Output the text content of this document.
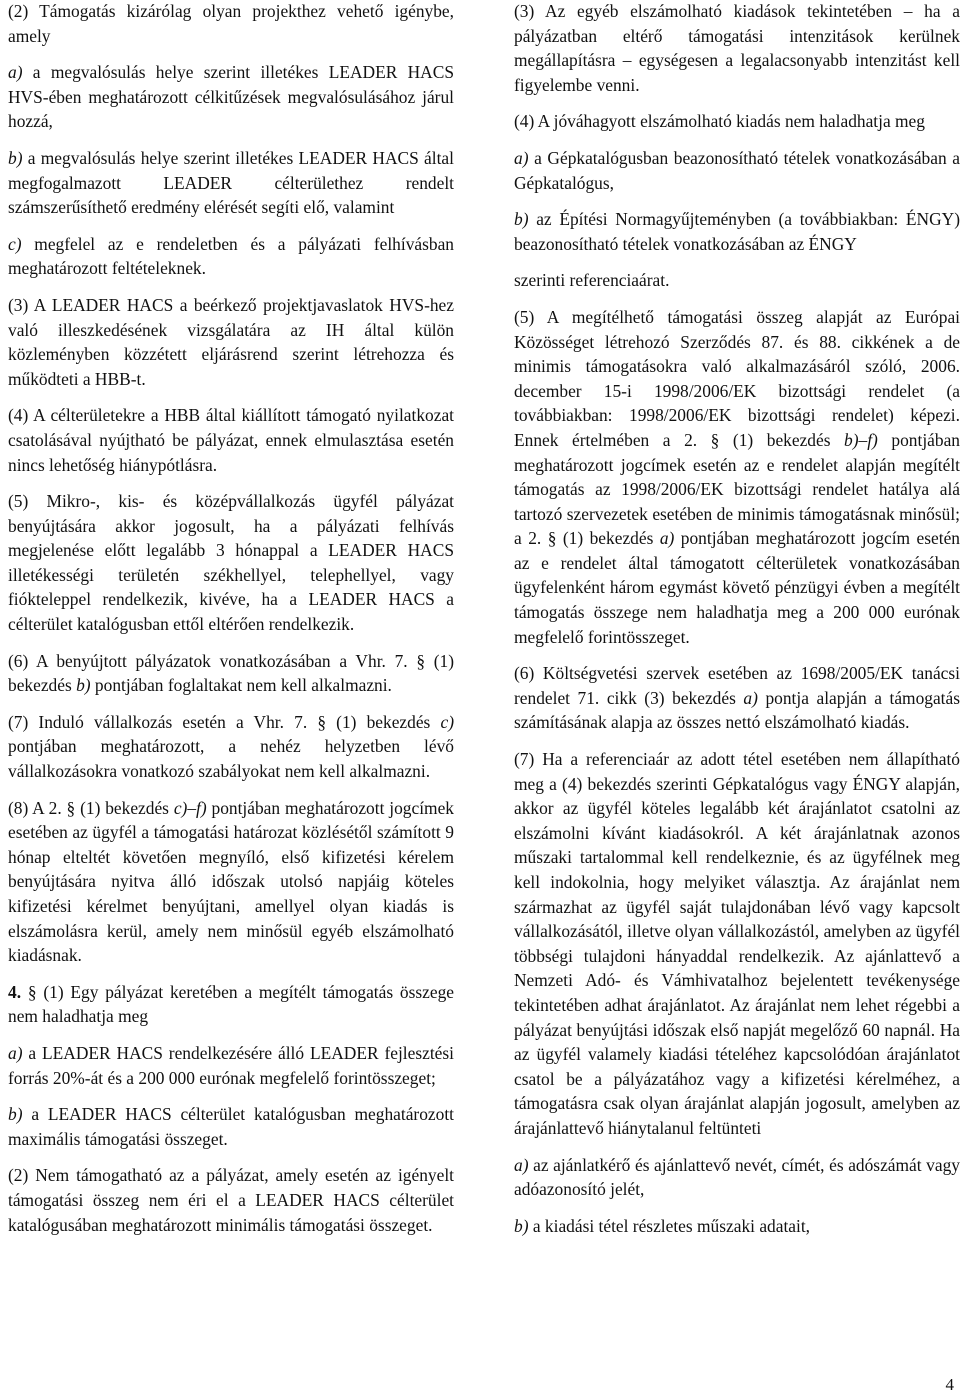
(2) Támogatás kizárólag olyan projekthez vehető igénybe, amely

a) a megvalósulás helye szerint illetékes LEADER HACS HVS-ében meghatározott célkitűzések megvalósulásához járul hozzá,

b) a megvalósulás helye szerint illetékes LEADER HACS által megfogalmazott LEADER célterülethez rendelt számszerűsíthető eredmény elérését segíti elő, valamint

c) megfelel az e rendeletben és a pályázati felhívásban meghatározott feltételeknek.

(3) A LEADER HACS a beérkező projektjavaslatok HVS-hez való illeszkedésének vizsgálatára az IH által külön közleményben közzétett eljárásrend szerint létrehozza és működteti a HBB-t.

(4) A célterületekre a HBB által kiállított támogató nyilatkozat csatolásával nyújtható be pályázat, ennek elmulasztása esetén nincs lehetőség hiánypótlásra.

(5) Mikro-, kis- és középvállalkozás ügyfél pályázat benyújtására akkor jogosult, ha a pályázati felhívás megjelenése előtt legalább 3 hónappal a LEADER HACS illetékességi területén székhellyel, telephellyel, vagy fiókteleppel rendelkezik, kivéve, ha a LEADER HACS a célterület katalógusban ettől eltérően rendelkezik.

(6) A benyújtott pályázatok vonatkozásában a Vhr. 7. § (1) bekezdés b) pontjában foglaltakat nem kell alkalmazni.

(7) Induló vállalkozás esetén a Vhr. 7. § (1) bekezdés c) pontjában meghatározott, a nehéz helyzetben lévő vállalkozásokra vonatkozó szabályokat nem kell alkalmazni.

(8) A 2. § (1) bekezdés c)–f) pontjában meghatározott jogcímek esetében az ügyfél a támogatási határozat közlésétől számított 9 hónap elteltét követően megnyíló, első kifizetési kérelem benyújtására nyitva álló időszak utolsó napjáig köteles kifizetési kérelmet benyújtani, amellyel olyan kiadás is elszámolásra kerül, amely nem minősül egyéb elszámolható kiadásnak.

4. § (1) Egy pályázat keretében a megítélt támogatás összege nem haladhatja meg

a) a LEADER HACS rendelkezésére álló LEADER fejlesztési forrás 20%-át és a 200 000 eurónak megfelelő forintösszeget;

b) a LEADER HACS célterület katalógusban meghatározott maximális támogatási összeget.

(2) Nem támogatható az a pályázat, amely esetén az igényelt támogatási összeg nem éri el a LEADER HACS célterület katalógusában meghatározott minimális támogatási összeget.

(3) Az egyéb elszámolható kiadások tekintetében – ha a pályázatban eltérő támogatási intenzitások kerülnek megállapításra – egységesen a legalacsonyabb intenzitást kell figyelembe venni.

(4) A jóváhagyott elszámolható kiadás nem haladhatja meg

a) a Gépkatalógusban beazonosítható tételek vonatkozásában a Gépkatalógus,

b) az Építési Normagyűjteményben (a továbbiakban: ÉNGY) beazonosítható tételek vonatkozásában az ÉNGY

szerinti referenciaárat.

(5) A megítélhető támogatási összeg alapját az Európai Közösséget létrehozó Szerződés 87. és 88. cikkének a de minimis támogatásokra való alkalmazásáról szóló, 2006. december 15-i 1998/2006/EK bizottsági rendelet (a továbbiakban: 1998/2006/EK bizottsági rendelet) képezi. Ennek értelmében a 2. § (1) bekezdés b)–f) pontjában meghatározott jogcímek esetén az e rendelet alapján megítélt támogatás az 1998/2006/EK bizottsági rendelet hatálya alá tartozó szervezetek esetében de minimis támogatásnak minősül; a 2. § (1) bekezdés a) pontjában meghatározott jogcím esetén az e rendelet által támogatott célterületek vonatkozásában ügyfelenként három egymást követő pénzügyi évben a megítélt támogatás összege nem haladhatja meg a 200 000 eurónak megfelelő forintösszeget.

(6) Költségvetési szervek esetében az 1698/2005/EK tanácsi rendelet 71. cikk (3) bekezdés a) pontja alapján a támogatás számításának alapja az összes nettó elszámolható kiadás.

(7) Ha a referenciaár az adott tétel esetében nem állapítható meg a (4) bekezdés szerinti Gépkatalógus vagy ÉNGY alapján, akkor az ügyfél köteles legalább két árajánlatot csatolni az elszámolni kívánt kiadásokról. A két árajánlatnak azonos műszaki tartalommal kell rendelkeznie, és az ügyfélnek meg kell indokolnia, hogy melyiket választja. Az árajánlat nem származhat az ügyfél saját tulajdonában lévő vagy kapcsolt vállalkozásától, illetve olyan vállalkozástól, amelyben az ügyfél többségi tulajdoni hányaddal rendelkezik. Az ajánlattevő a Nemzeti Adó- és Vámhivatalhoz bejelentett tevékenysége tekintetében adhat árajánlatot. Az árajánlat nem lehet régebbi a pályázat benyújtási időszak első napját megelőző 60 napnál. Ha az ügyfél valamely kiadási tételéhez kapcsolódóan árajánlatot csatol be a pályázatához vagy a kifizetési kérelméhez, a támogatásra csak olyan árajánlat alapján jogosult, amelyben az árajánlattevő hiánytalanul feltünteti

a) az ajánlatkérő és ajánlattevő nevét, címét, és adószámát vagy adóazonosító jelét,

b) a kiadási tétel részletes műszaki adatait,

4
